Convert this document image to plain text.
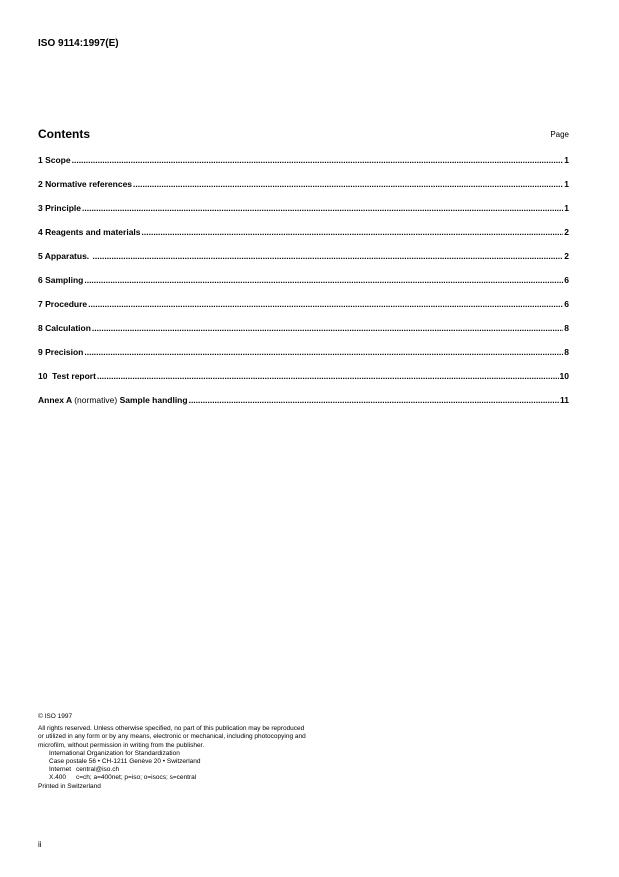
ISO 9114:1997(E)
Contents	Page
1 Scope .....	1
2 Normative references .....	1
3 Principle .....	1
4 Reagents and materials .....	2
5 Apparatus. .....	2
6 Sampling .....	6
7 Procedure .....	6
8 Calculation .....	8
9 Precision .....	8
10  Test report .....	10
Annex A (normative) Sample handling .....	11
© ISO 1997
All rights reserved. Unless otherwise specified, no part of this publication may be reproduced
or utilized in any form or by any means, electronic or mechanical, including photocopying and
microfilm, without permission in writing from the publisher.
International Organization for Standardization
Case postale 56 • CH-1211 Genève 20 • Switzerland
Internet central@iso.ch
X.400	c=ch; a=400net; p=iso; o=isocs; s=central
Printed in Switzerland
ii
